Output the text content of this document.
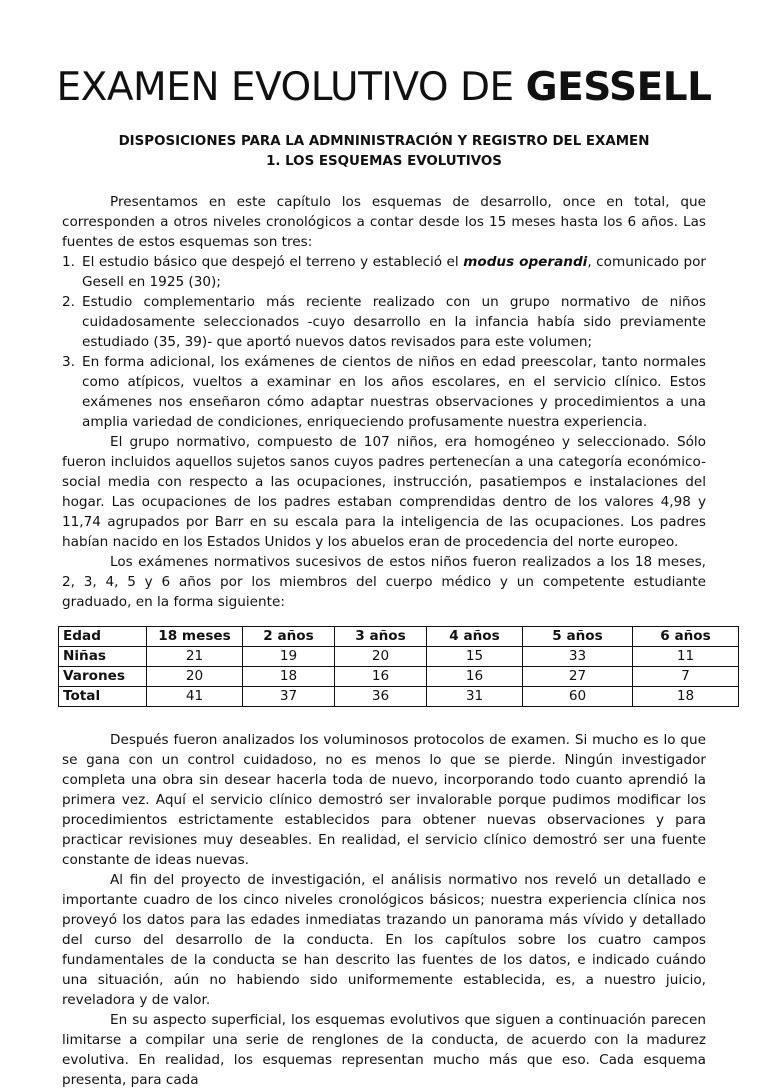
EXAMEN EVOLUTIVO DE GESSELL
DISPOSICIONES PARA LA ADMNINISTRACIÓN Y REGISTRO DEL EXAMEN
1. LOS ESQUEMAS EVOLUTIVOS

Presentamos en este capítulo los esquemas de desarrollo, once en total, que corresponden a otros niveles cronológicos a contar desde los 15 meses hasta los 6 años. Las fuentes de estos esquemas son tres:

1. El estudio básico que despejó el terreno y estableció el modus operandi, comunicado por Gesell en 1925 (30);
2. Estudio complementario más reciente realizado con un grupo normativo de niños cuidadosamente seleccionados -cuyo desarrollo en la infancia había sido previamente estudiado (35, 39)- que aportó nuevos datos revisados para este volumen;
3. En forma adicional, los exámenes de cientos de niños en edad preescolar, tanto normales como atípicos, vueltos a examinar en los años escolares, en el servicio clínico. Estos exámenes nos enseñaron cómo adaptar nuestras observaciones y procedimientos a una amplia variedad de condiciones, enriqueciendo profusamente nuestra experiencia.

El grupo normativo, compuesto de 107 niños, era homogéneo y seleccionado. Sólo fueron incluidos aquellos sujetos sanos cuyos padres pertenecían a una categoría económico-social media con respecto a las ocupaciones, instrucción, pasatiempos e instalaciones del hogar. Las ocupaciones de los padres estaban comprendidas dentro de los valores 4,98 y 11,74 agrupados por Barr en su escala para la inteligencia de las ocupaciones. Los padres habían nacido en los Estados Unidos y los abuelos eran de procedencia del norte europeo.

Los exámenes normativos sucesivos de estos niños fueron realizados a los 18 meses, 2, 3, 4, 5 y 6 años por los miembros del cuerpo médico y un competente estudiante graduado, en la forma siguiente:

Edad	18 meses	2 años	3 años	4 años	5 años	6 años
Niñas	21	19	20	15	33	11
Varones	20	18	16	16	27	7
Total	41	37	36	31	60	18

Después fueron analizados los voluminosos protocolos de examen. Si mucho es lo que se gana con un control cuidadoso, no es menos lo que se pierde. Ningún investigador completa una obra sin desear hacerla toda de nuevo, incorporando todo cuanto aprendió la primera vez. Aquí el servicio clínico demostró ser invalorable porque pudimos modificar los procedimientos estrictamente establecidos para obtener nuevas observaciones y para practicar revisiones muy deseables. En realidad, el servicio clínico demostró ser una fuente constante de ideas nuevas.

Al fin del proyecto de investigación, el análisis normativo nos reveló un detallado e importante cuadro de los cinco niveles cronológicos básicos; nuestra experiencia clínica nos proveyó los datos para las edades inmediatas trazando un panorama más vívido y detallado del curso del desarrollo de la conducta. En los capítulos sobre los cuatro campos fundamentales de la conducta se han descrito las fuentes de los datos, e indicado cuándo una situación, aún no habiendo sido uniformemente establecida, es, a nuestro juicio, reveladora y de valor.

En su aspecto superficial, los esquemas evolutivos que siguen a continuación parecen limitarse a compilar una serie de renglones de la conducta, de acuerdo con la madurez evolutiva. En realidad, los esquemas representan mucho más que eso. Cada esquema presenta, para cada
